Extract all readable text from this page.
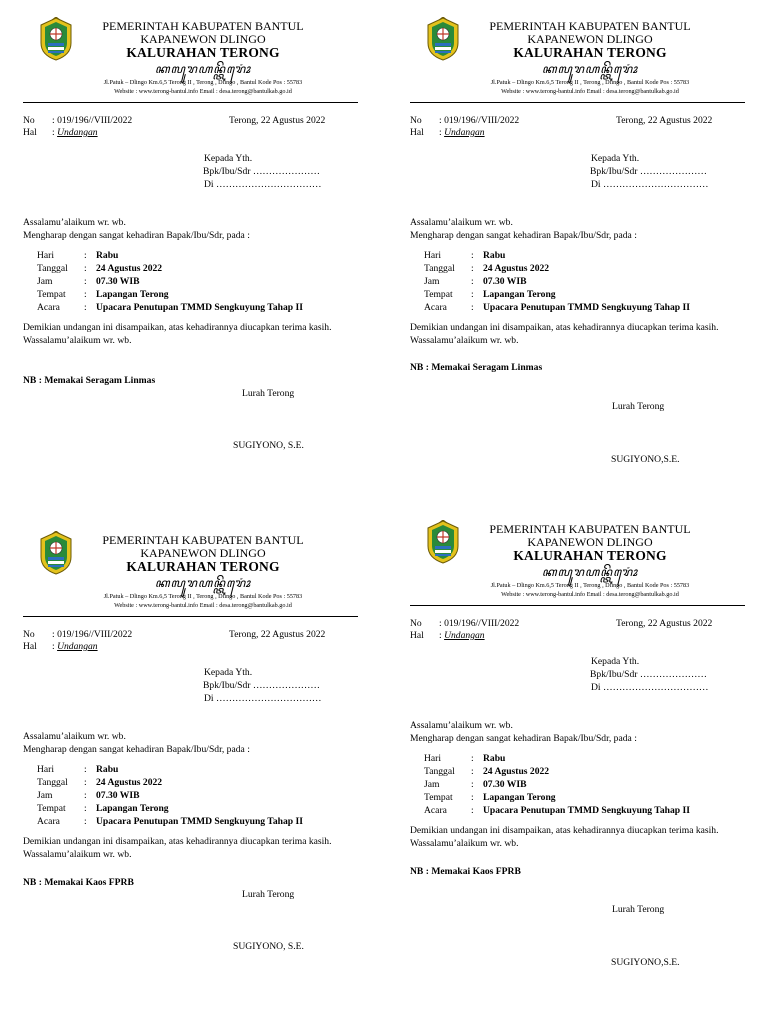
PEMERINTAH KABUPATEN BANTUL
KAPANEWON DLINGO
KALURAHAN TERONG
ꦏꦭꦸꦫꦲꦤ꧀ꦠꦼꦫꦺꦴꦁ
Jl.Patuk – Dlingo Km.6,5 Terong II , Terong , Dlingo , Bantul Kode Pos : 55783
Website : www.terong-bantul.info Email : desa.terong@bantulkab.go.id
No : 019/196//VIII/2022	Terong, 22 Agustus 2022
Hal : Undangan
Kepada Yth.
Bpk/Ibu/Sdr …………………
Di ……………………………
Assalamu’alaikum wr. wb.
Mengharap dengan sangat kehadiran Bapak/Ibu/Sdr, pada :
Hari	: Rabu
Tanggal : 24 Agustus 2022
Jam	: 07.30 WIB
Tempat : Lapangan Terong
Acara	: Upacara Penutupan TMMD Sengkuyung Tahap II
Demikian undangan ini disampaikan, atas kehadirannya diucapkan terima kasih.
Wassalamu’alaikum wr. wb.
NB : Memakai Seragam Linmas
Lurah Terong
SUGIYONO, S.E.
PEMERINTAH KABUPATEN BANTUL
KAPANEWON DLINGO
KALURAHAN TERONG
ꦏꦭꦸꦫꦲꦤ꧀ꦠꦼꦫꦺꦴꦁ
Jl.Patuk – Dlingo Km.6,5 Terong II , Terong , Dlingo , Bantul Kode Pos : 55783
Website : www.terong-bantul.info Email : desa.terong@bantulkab.go.id
No : 019/196//VIII/2022	Terong, 22 Agustus 2022
Hal : Undangan
Kepada Yth.
Bpk/Ibu/Sdr …………………
Di ……………………………
Assalamu’alaikum wr. wb.
Mengharap dengan sangat kehadiran Bapak/Ibu/Sdr, pada :
Hari	: Rabu
Tanggal : 24 Agustus 2022
Jam	: 07.30 WIB
Tempat : Lapangan Terong
Acara	: Upacara Penutupan TMMD Sengkuyung Tahap II
Demikian undangan ini disampaikan, atas kehadirannya diucapkan terima kasih.
Wassalamu’alaikum wr. wb.
NB : Memakai Seragam Linmas
Lurah Terong
SUGIYONO,S.E.
PEMERINTAH KABUPATEN BANTUL
KAPANEWON DLINGO
KALURAHAN TERONG
ꦏꦭꦸꦫꦲꦤ꧀ꦠꦼꦫꦺꦴꦁ
Jl.Patuk – Dlingo Km.6,5 Terong II , Terong , Dlingo , Bantul Kode Pos : 55783
Website : www.terong-bantul.info Email : desa.terong@bantulkab.go.id
No : 019/196//VIII/2022	Terong, 22 Agustus 2022
Hal : Undangan
Kepada Yth.
Bpk/Ibu/Sdr …………………
Di ……………………………
Assalamu’alaikum wr. wb.
Mengharap dengan sangat kehadiran Bapak/Ibu/Sdr, pada :
Hari	: Rabu
Tanggal : 24 Agustus 2022
Jam	: 07.30 WIB
Tempat : Lapangan Terong
Acara	: Upacara Penutupan TMMD Sengkuyung Tahap II
Demikian undangan ini disampaikan, atas kehadirannya diucapkan terima kasih.
Wassalamu’alaikum wr. wb.
NB : Memakai Kaos FPRB
Lurah Terong
SUGIYONO, S.E.
PEMERINTAH KABUPATEN BANTUL
KAPANEWON DLINGO
KALURAHAN TERONG
ꦏꦭꦸꦫꦲꦤ꧀ꦠꦼꦫꦺꦴꦁ
Jl.Patuk – Dlingo Km.6,5 Terong II , Terong , Dlingo , Bantul Kode Pos : 55783
Website : www.terong-bantul.info Email : desa.terong@bantulkab.go.id
No : 019/196//VIII/2022	Terong, 22 Agustus 2022
Hal : Undangan
Kepada Yth.
Bpk/Ibu/Sdr …………………
Di ……………………………
Assalamu’alaikum wr. wb.
Mengharap dengan sangat kehadiran Bapak/Ibu/Sdr, pada :
Hari	: Rabu
Tanggal : 24 Agustus 2022
Jam	: 07.30 WIB
Tempat : Lapangan Terong
Acara	: Upacara Penutupan TMMD Sengkuyung Tahap II
Demikian undangan ini disampaikan, atas kehadirannya diucapkan terima kasih.
Wassalamu’alaikum wr. wb.
NB : Memakai Kaos FPRB
Lurah Terong
SUGIYONO,S.E.
